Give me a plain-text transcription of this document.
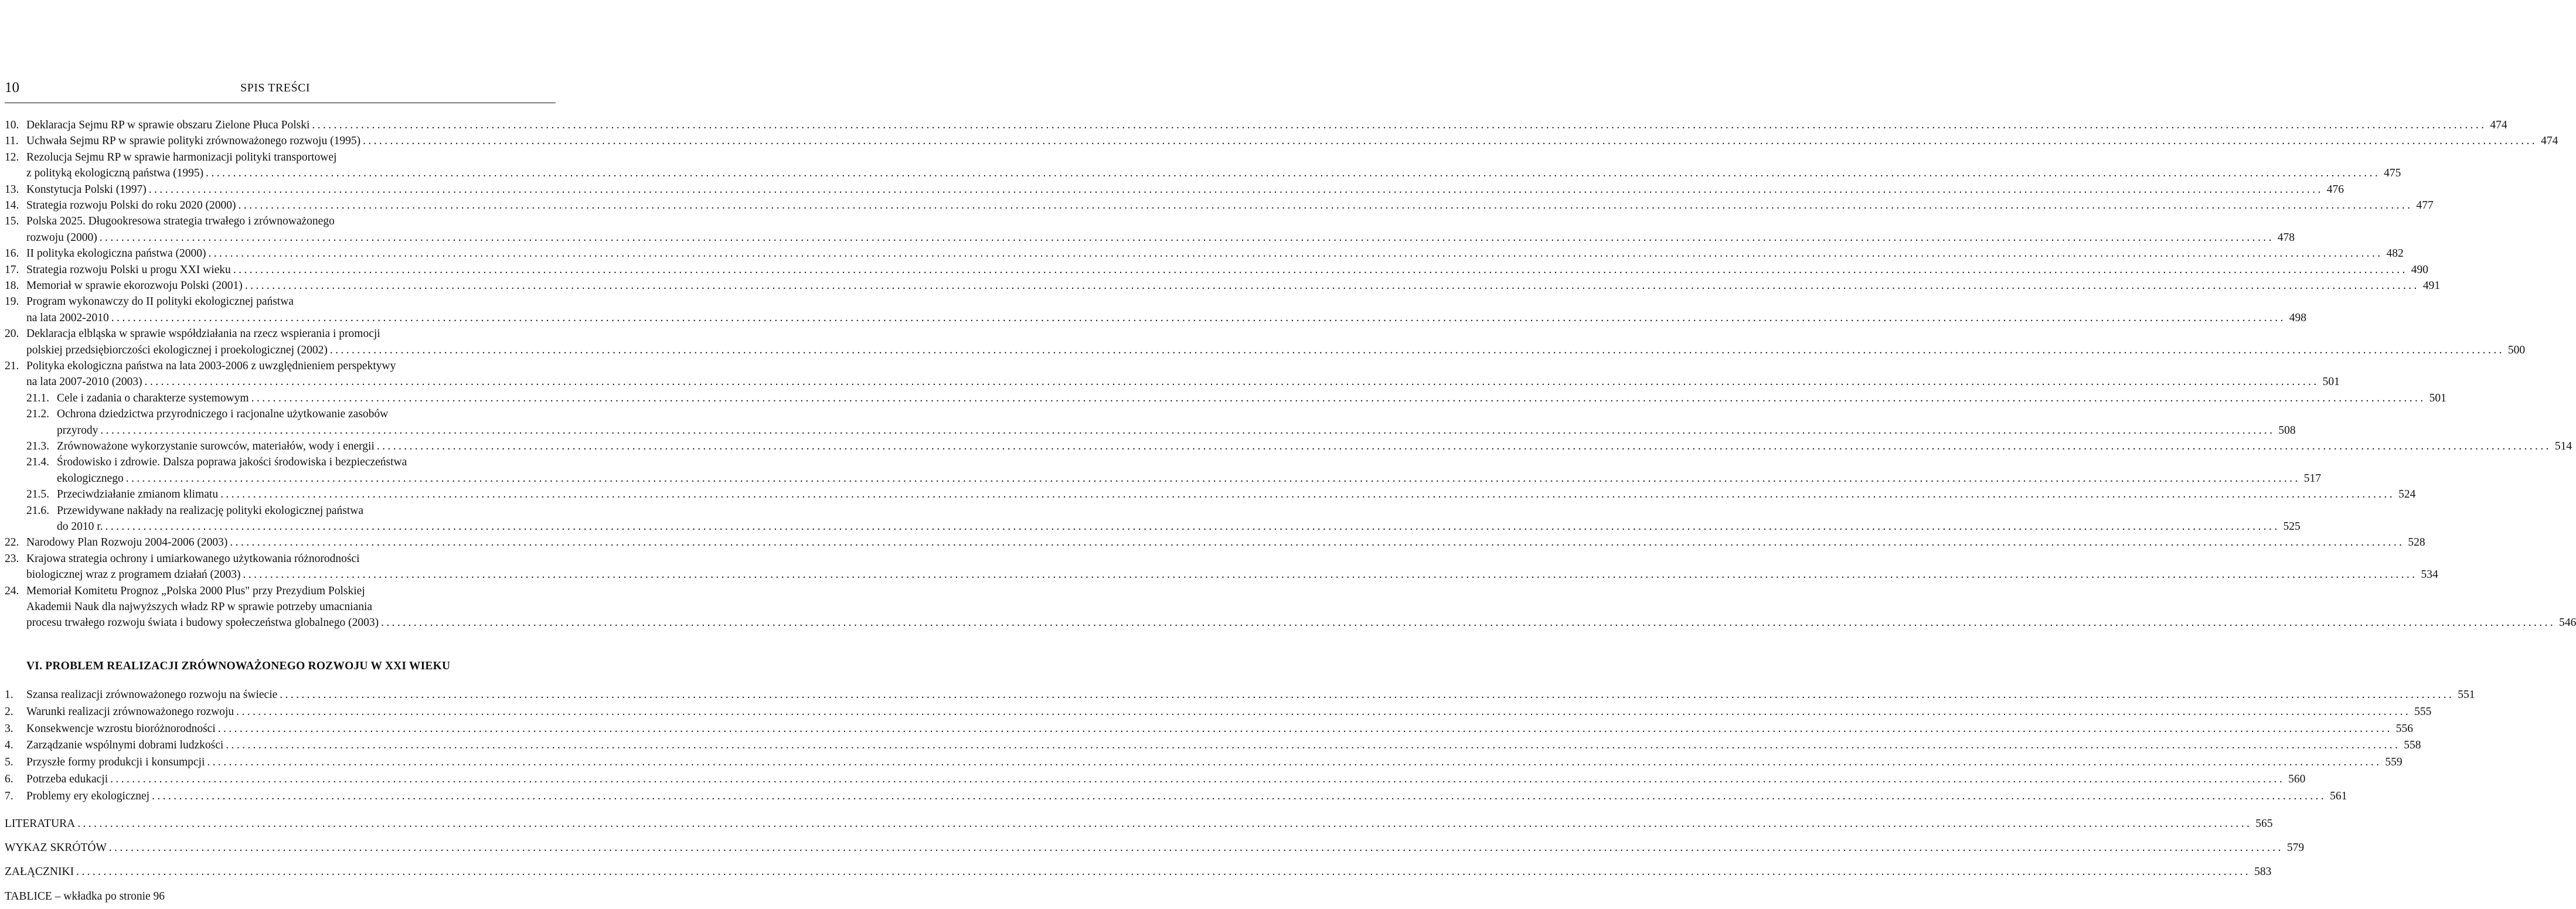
10	SPIS TREŚCI
10. Deklaracja Sejmu RP w sprawie obszaru Zielone Płuca Polski ................................................................................................................................................................................................................................................................................................................................................................................................................ 474
11. Uchwała Sejmu RP w sprawie polityki zrównoważonego rozwoju (1995) ................................................................................................................................................................................................................................................................................................................................................................................................................ 474
12. Rezolucja Sejmu RP w sprawie harmonizacji polityki transportowej
z polityką ekologiczną państwa (1995) ................................................................................................................................................................................................................................................................................................................................................................................................................ 475
13. Konstytucja Polski (1997) ................................................................................................................................................................................................................................................................................................................................................................................................................ 476
14. Strategia rozwoju Polski do roku 2020 (2000) ................................................................................................................................................................................................................................................................................................................................................................................................................ 477
15. Polska 2025. Długookresowa strategia trwałego i zrównoważonego
rozwoju (2000) ................................................................................................................................................................................................................................................................................................................................................................................................................ 478
16. II polityka ekologiczna państwa (2000) ................................................................................................................................................................................................................................................................................................................................................................................................................ 482
17. Strategia rozwoju Polski u progu XXI wieku ................................................................................................................................................................................................................................................................................................................................................................................................................ 490
18. Memoriał w sprawie ekorozwoju Polski (2001) ................................................................................................................................................................................................................................................................................................................................................................................................................ 491
19. Program wykonawczy do II polityki ekologicznej państwa
na lata 2002-2010 ................................................................................................................................................................................................................................................................................................................................................................................................................ 498
20. Deklaracja elbląska w sprawie współdziałania na rzecz wspierania i promocji
polskiej przedsiębiorczości ekologicznej i proekologicznej (2002) ................................................................................................................................................................................................................................................................................................................................................................................................................ 500
21. Polityka ekologiczna państwa na lata 2003-2006 z uwzględnieniem perspektywy
na lata 2007-2010 (2003) ................................................................................................................................................................................................................................................................................................................................................................................................................ 501
21.1. Cele i zadania o charakterze systemowym ................................................................................................................................................................................................................................................................................................................................................................................................................ 501
21.2. Ochrona dziedzictwa przyrodniczego i racjonalne użytkowanie zasobów
przyrody ................................................................................................................................................................................................................................................................................................................................................................................................................ 508
21.3. Zrównoważone wykorzystanie surowców, materiałów, wody i energii ................................................................................................................................................................................................................................................................................................................................................................................................................ 514
21.4. Środowisko i zdrowie. Dalsza poprawa jakości środowiska i bezpieczeństwa
ekologicznego ................................................................................................................................................................................................................................................................................................................................................................................................................ 517
21.5. Przeciwdziałanie zmianom klimatu ................................................................................................................................................................................................................................................................................................................................................................................................................ 524
21.6. Przewidywane nakłady na realizację polityki ekologicznej państwa
do 2010 r. ................................................................................................................................................................................................................................................................................................................................................................................................................ 525
22. Narodowy Plan Rozwoju 2004-2006 (2003) ................................................................................................................................................................................................................................................................................................................................................................................................................ 528
23. Krajowa strategia ochrony i umiarkowanego użytkowania różnorodności
biologicznej wraz z programem działań (2003) ................................................................................................................................................................................................................................................................................................................................................................................................................ 534
24. Memoriał Komitetu Prognoz „Polska 2000 Plus" przy Prezydium Polskiej
Akademii Nauk dla najwyższych władz RP w sprawie potrzeby umacniania
procesu trwałego rozwoju świata i budowy społeczeństwa globalnego (2003) ................................................................................................................................................................................................................................................................................................................................................................................................................ 546
1.	Szansa realizacji zrównoważonego rozwoju na świecie ................................................................................................................................................................................................................................................................................................................................................................................................................ 551
2.	Warunki realizacji zrównoważonego rozwoju ................................................................................................................................................................................................................................................................................................................................................................................................................ 555
3.	Konsekwencje wzrostu bioróżnorodności ................................................................................................................................................................................................................................................................................................................................................................................................................ 556
4.	Zarządzanie wspólnymi dobrami ludzkości ................................................................................................................................................................................................................................................................................................................................................................................................................ 558
5.	Przyszłe formy produkcji i konsumpcji ................................................................................................................................................................................................................................................................................................................................................................................................................ 559
6.	Potrzeba edukacji ................................................................................................................................................................................................................................................................................................................................................................................................................ 560
7.	Problemy ery ekologicznej ................................................................................................................................................................................................................................................................................................................................................................................................................ 561
LITERATURA ................................................................................................................................................................................................................................................................................................................................................................................................................ 565
WYKAZ SKRÓTÓW ................................................................................................................................................................................................................................................................................................................................................................................................................ 579
ZAŁĄCZNIKI ................................................................................................................................................................................................................................................................................................................................................................................................................ 583
VI. PROBLEM REALIZACJI ZRÓWNOWAŻONEGO ROZWOJU W XXI WIEKU
TABLICE – wkładka po stronie 96
